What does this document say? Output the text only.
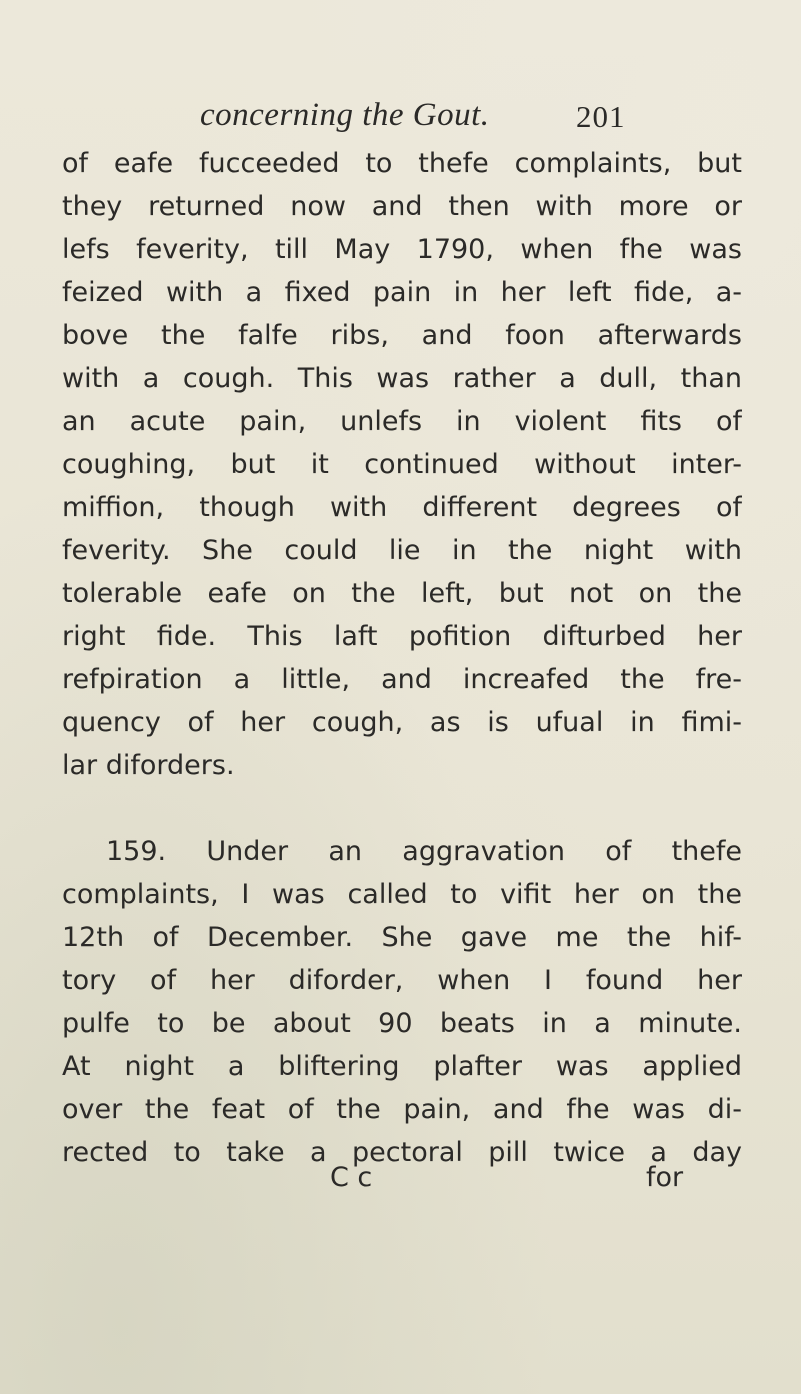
concerning the Gout.	201
of eafe fucceeded to thefe complaints, but
they returned now and then with more or
lefs feverity, till May 1790, when fhe was
feized with a fixed pain in her left fide, a-
bove the falfe ribs, and foon afterwards
with a cough. This was rather a dull, than
an acute pain, unlefs in violent fits of
coughing, but it continued without inter-
miffion, though with different degrees of
feverity. She could lie in the night with
tolerable eafe on the left, but not on the
right fide. This laft pofition difturbed her
refpiration a little, and increafed the fre-
quency of her cough, as is ufual in fimi-
lar diforders.
159. Under an aggravation of thefe
complaints, I was called to vifit her on the
12th of December. She gave me the hif-
tory of her diforder, when I found her
pulfe to be about 90 beats in a minute.
At night a bliftering plafter was applied
over the feat of the pain, and fhe was di-
rected to take a pectoral pill twice a day
C c	for
